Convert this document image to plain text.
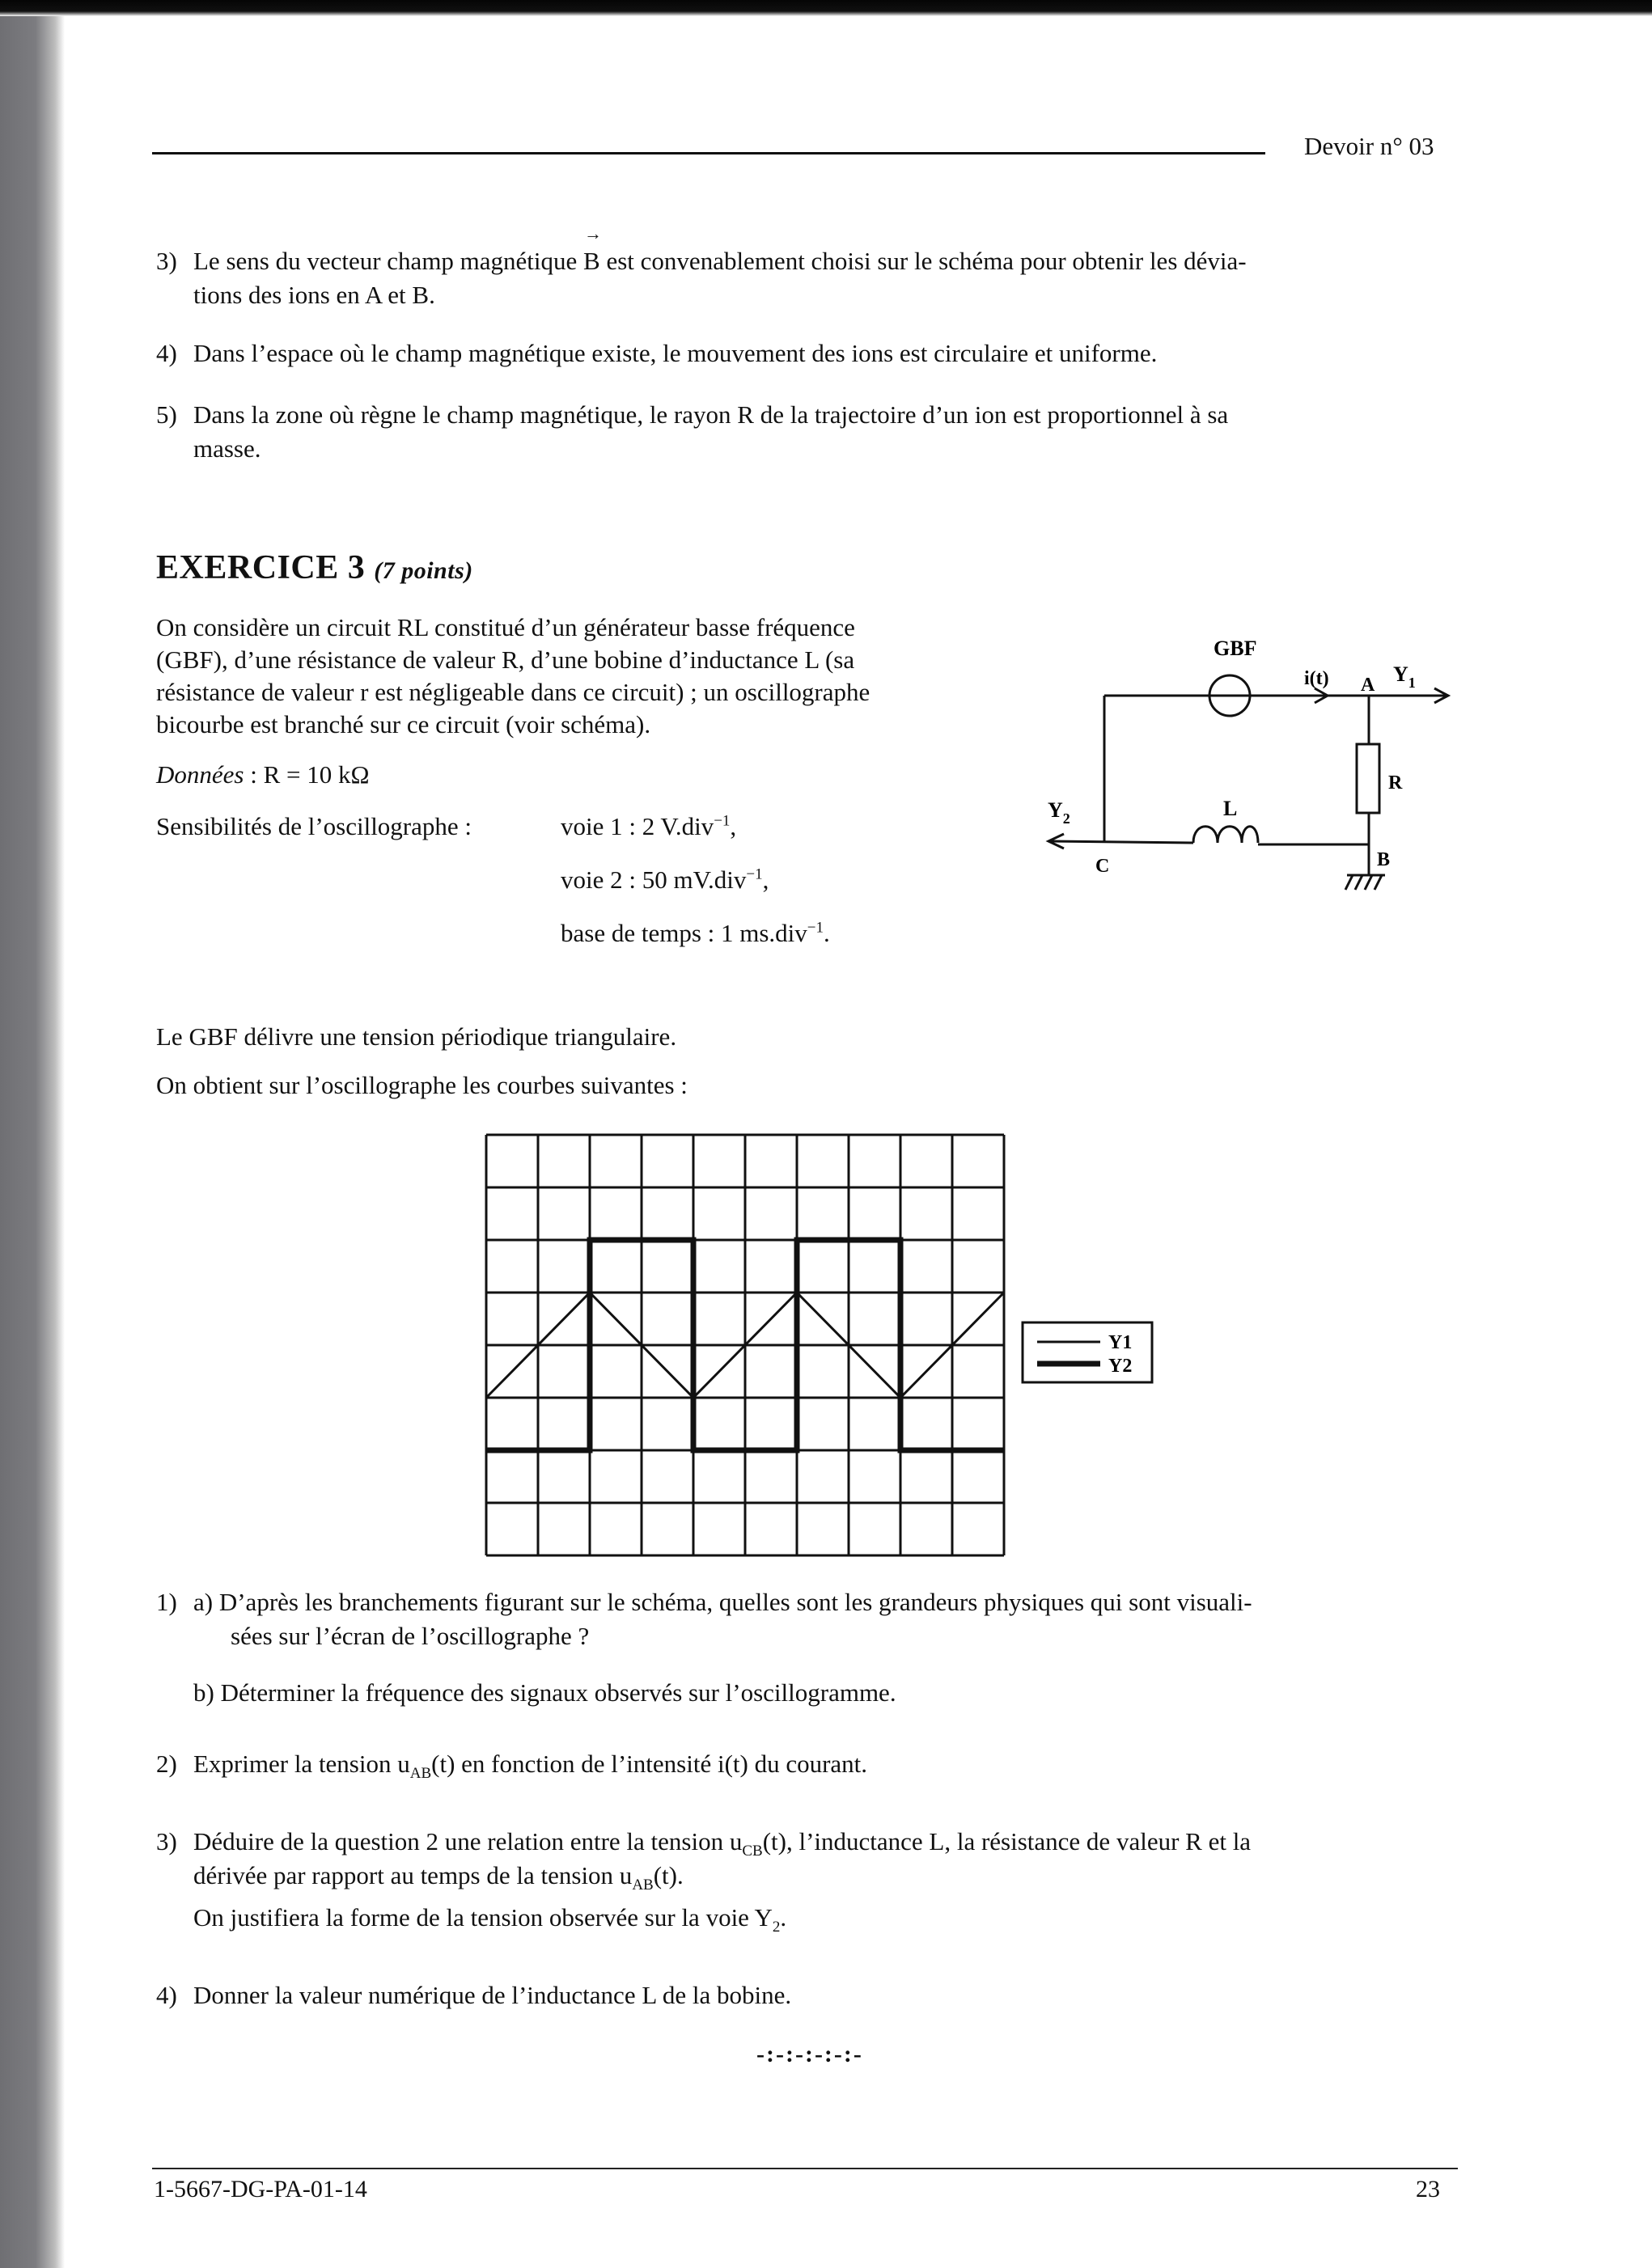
Devoir n° 03
3) Le sens du vecteur champ magnétique
→
B est convenablement choisi sur le schéma pour obtenir les dévia-
tions des ions en A et B.
4) Dans l’espace où le champ magnétique existe, le mouvement des ions est circulaire et uniforme.
5) Dans la zone où règne le champ magnétique, le rayon R de la trajectoire d’un ion est proportionnel à sa
masse.
EXERCICE 3 (7 points)
On considère un circuit RL constitué d’un générateur basse fréquence
(GBF), d’une résistance de valeur R, d’une bobine d’inductance L (sa
résistance de valeur r est négligeable dans ce circuit) ; un oscillographe
bicourbe est branché sur ce circuit (voir schéma).
Données : R = 10 kΩ
Sensibilités de l’oscillographe :	voie 1 : 2 V.div$^{-1}$,
voie 2 : 50 mV.div$^{-1}$,
base de temps : 1 ms.div$^{-1}$.
GBF
i(t) A $Y_1$
R
L
$Y_2$
C	B
Le GBF délivre une tension périodique triangulaire.
On obtient sur l’oscillographe les courbes suivantes :
Y1
Y2
1) a) D’après les branchements figurant sur le schéma, quelles sont les grandeurs physiques qui sont visuali-
sées sur l’écran de l’oscillographe ?
b) Déterminer la fréquence des signaux observés sur l’oscillogramme.
2) Exprimer la tension $u_{AB}(t)$ en fonction de l’intensité i(t) du courant.
3) Déduire de la question 2 une relation entre la tension $u_{CB}(t)$, l’inductance L, la résistance de valeur R et la
dérivée par rapport au temps de la tension $u_{AB}(t)$.
On justifiera la forme de la tension observée sur la voie $Y_2$.
4) Donner la valeur numérique de l’inductance L de la bobine.
-:-:-:-:-:-
1-5667-DG-PA-01-14	23
